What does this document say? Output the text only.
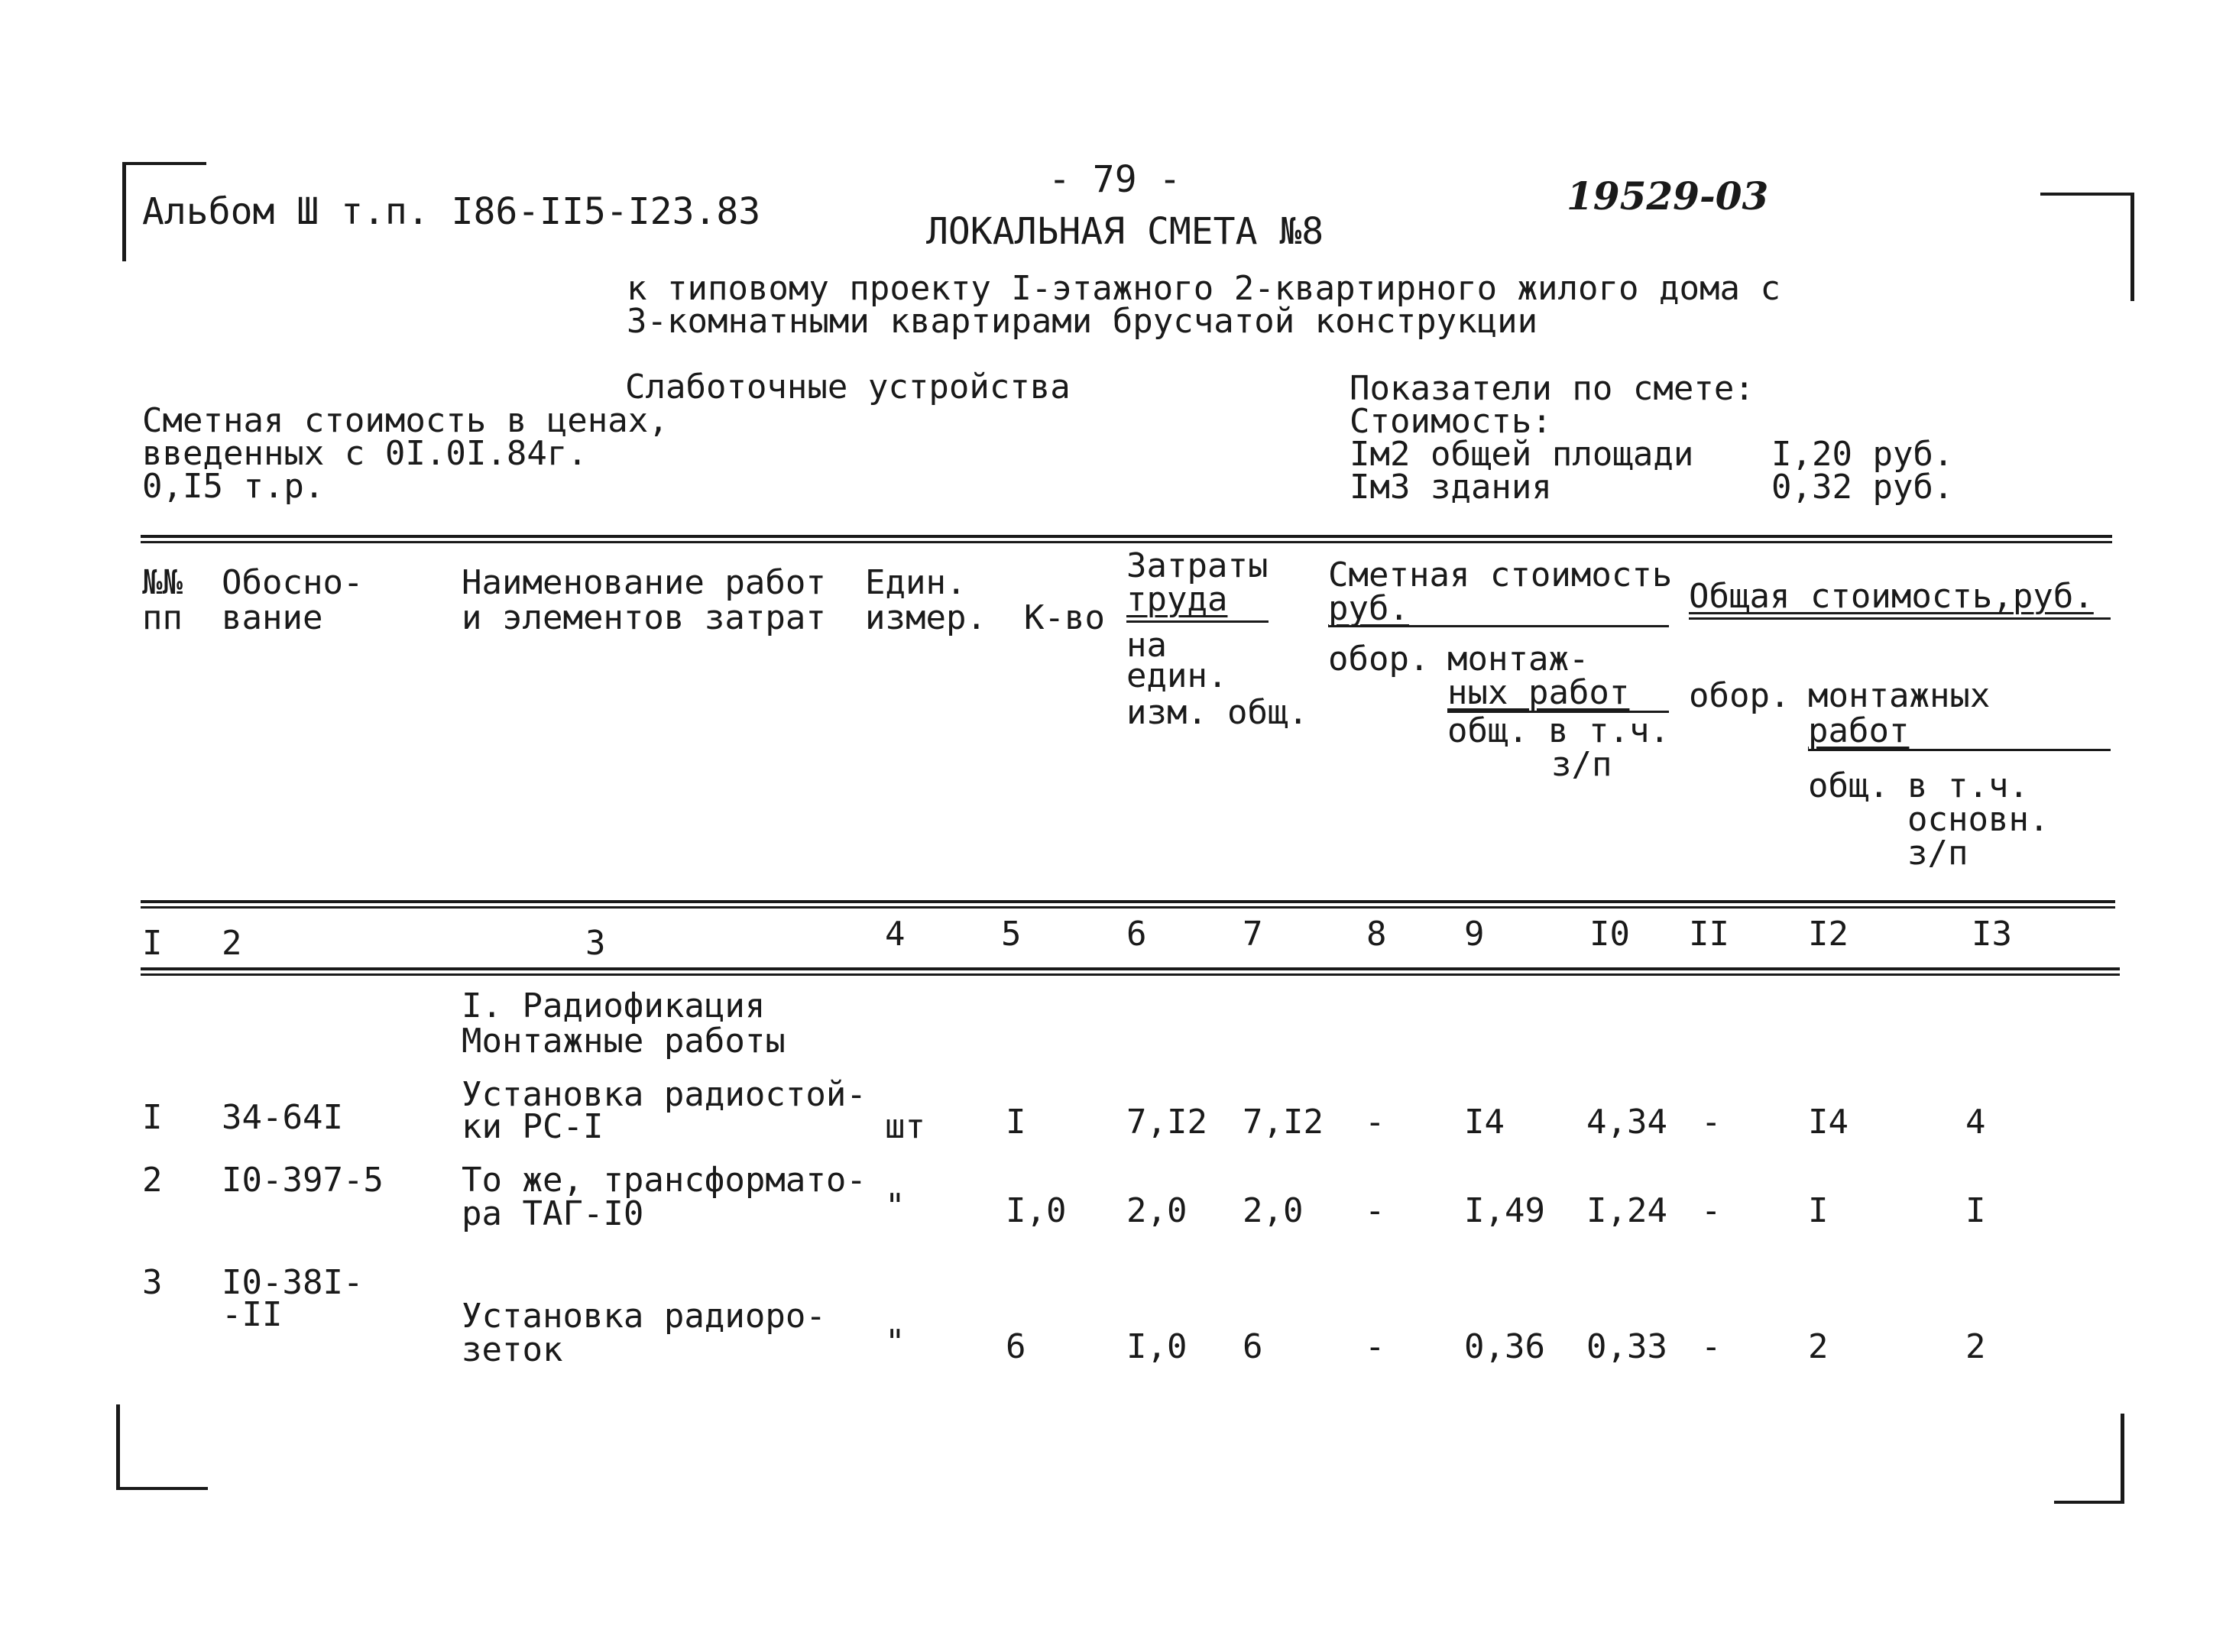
Альбом Ш т.п. I86-II5-I23.83
- 79 -	19529-03
ЛОКАЛЬНАЯ СМЕТА №8
к типовому проекту I-этажного 2-квартирного жилого дома с
3-комнатными квартирами брусчатой конструкции
Слаботочные устройства
Сметная стоимость в ценах,
введенных с 0I.0I.84г.
0,I5 т.р.
Показатели по смете:
Стоимость:
Iм2 общей площади I,20 руб.
Iм3 здания	0,32 руб.
№№
пп
Обосно-
вание
Наименование работ
и элементов затрат
Един.
измер. К-во
Затраты
труда
на
един.
изм. общ.
Сметная стоимость
руб.
обор. монтаж-
ных работ
общ. в т.ч.
з/п
Общая стоимость,руб.
обор. монтажных
работ
общ. в т.ч.
основн.
з/п
I 2	3	4	5	6	7	8 9	I0 II I2	I3
I. Радиофикация
Монтажные работы
I 34-64I
Установка радиостой-
ки РС-I	шт I	7,I2 7,I2 - I4 4,34 -	I4	4
2 I0-397-5 То же, трансформато-
ра ТАГ-I0	"	I,0 2,0 2,0 - I,49 I,24 -	I	I
3 I0-38I-
-II	Установка радиоро-
зеток	"	6	I,0 6	- 0,36 0,33 -	2	2
